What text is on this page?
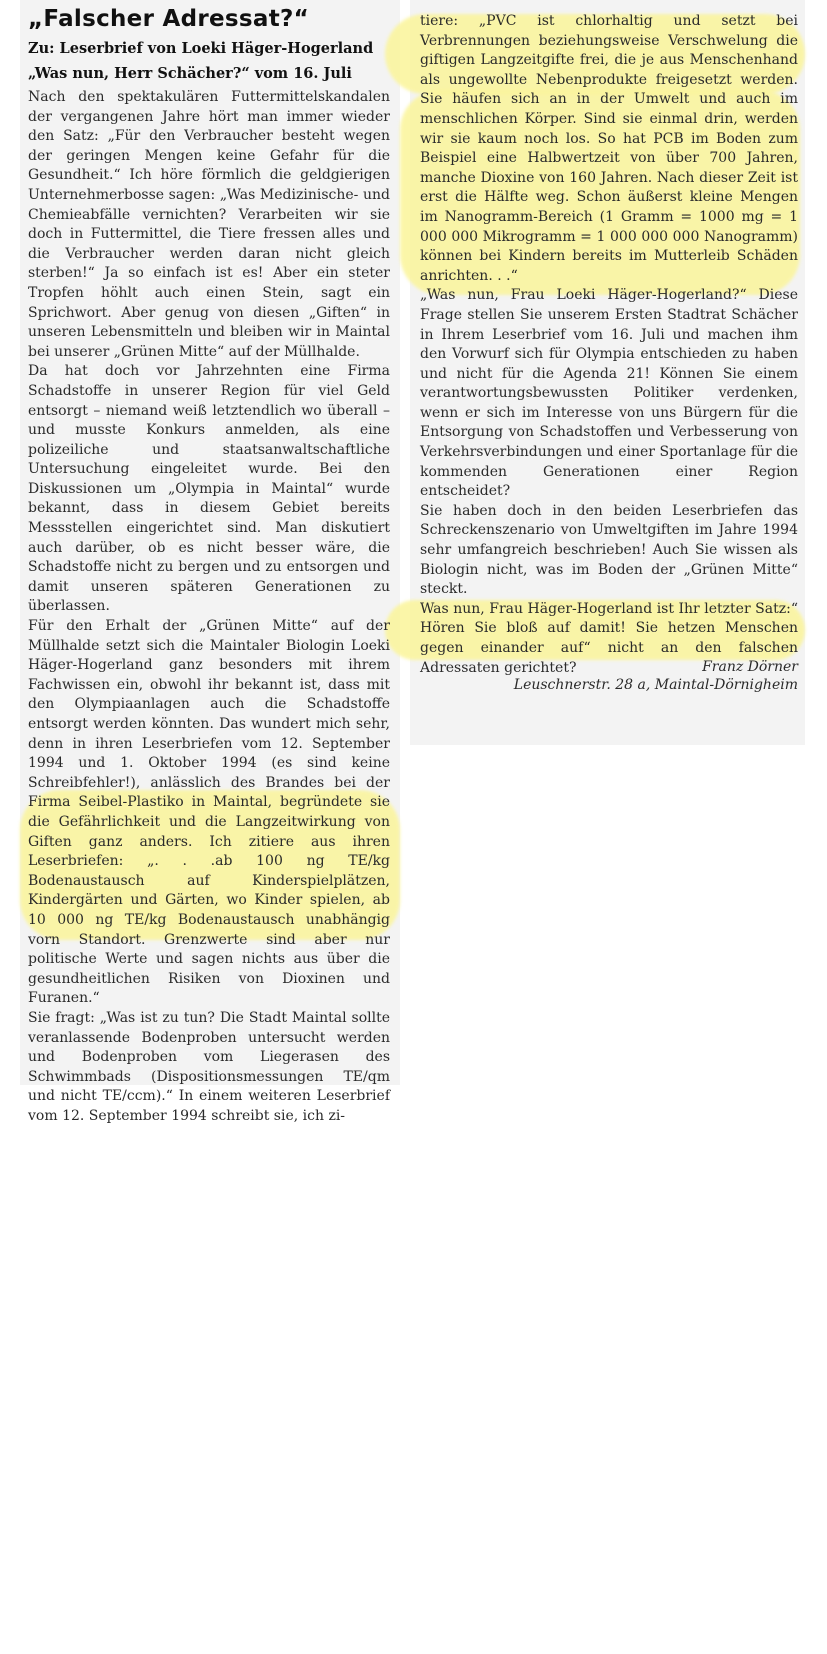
„Falscher Adressat?“
Zu: Leserbrief von Loeki Häger-Hogerland
„Was nun, Herr Schächer?“ vom 16. Juli

Nach den spektakulären Futtermittelskandalen der vergangenen Jahre hört man immer wieder den Satz: „Für den Verbraucher besteht wegen der geringen Mengen keine Gefahr für die Gesundheit.“ Ich höre förmlich die geldgierigen Unternehmerbosse sagen: „Was Medizinische- und Chemieabfälle vernichten? Verarbeiten wir sie doch in Futtermittel, die Tiere fressen alles und die Verbraucher werden daran nicht gleich sterben!“ Ja so einfach ist es! Aber ein steter Tropfen höhlt auch einen Stein, sagt ein Sprichwort. Aber genug von diesen „Giften“ in unseren Lebensmitteln und bleiben wir in Maintal bei unserer „Grünen Mitte“ auf der Müllhalde.

Da hat doch vor Jahrzehnten eine Firma Schadstoffe in unserer Region für viel Geld entsorgt – niemand weiß letztendlich wo überall – und musste Konkurs anmelden, als eine polizeiliche und staatsanwaltschaftliche Untersuchung eingeleitet wurde. Bei den Diskussionen um „Olympia in Maintal“ wurde bekannt, dass in diesem Gebiet bereits Messstellen eingerichtet sind. Man diskutiert auch darüber, ob es nicht besser wäre, die Schadstoffe nicht zu bergen und zu entsorgen und damit unseren späteren Generationen zu überlassen.

Für den Erhalt der „Grünen Mitte“ auf der Müllhalde setzt sich die Maintaler Biologin Loeki Häger-Hogerland ganz besonders mit ihrem Fachwissen ein, obwohl ihr bekannt ist, dass mit den Olympiaanlagen auch die Schadstoffe entsorgt werden könnten. Das wundert mich sehr, denn in ihren Leserbriefen vom 12. September 1994 und 1. Oktober 1994 (es sind keine Schreibfehler!), anlässlich des Brandes bei der Firma Seibel-Plastiko in Maintal, begründete sie die Gefährlichkeit und die Langzeitwirkung von Giften ganz anders. Ich zitiere aus ihren Leserbriefen: „. . .ab 100 ng TE/kg Bodenaustausch auf Kinderspielplätzen, Kindergärten und Gärten, wo Kinder spielen, ab 10 000 ng TE/kg Bodenaustausch unabhängig vorn Standort. Grenzwerte sind aber nur politische Werte und sagen nichts aus über die gesundheitlichen Risiken von Dioxinen und Furanen.“

Sie fragt: „Was ist zu tun? Die Stadt Maintal sollte veranlassende Bodenproben untersucht werden und Bodenproben vom Liegerasen des Schwimmbads (Dispositionsmessungen TE/qm und nicht TE/ccm).“ In einem weiteren Leserbrief vom 12. September 1994 schreibt sie, ich zi-

tiere: „PVC ist chlorhaltig und setzt bei Verbrennungen beziehungsweise Verschwelung die giftigen Langzeitgifte frei, die je aus Menschenhand als ungewollte Nebenprodukte freigesetzt werden. Sie häufen sich an in der Umwelt und auch im menschlichen Körper. Sind sie einmal drin, werden wir sie kaum noch los. So hat PCB im Boden zum Beispiel eine Halbwertzeit von über 700 Jahren, manche Dioxine von 160 Jahren. Nach dieser Zeit ist erst die Hälfte weg. Schon äußerst kleine Mengen im Nanogramm-Bereich (1 Gramm = 1000 mg = 1 000 000 Mikrogramm = 1 000 000 000 Nanogramm) können bei Kindern bereits im Mutterleib Schäden anrichten. . .“

„Was nun, Frau Loeki Häger-Hogerland?“ Diese Frage stellen Sie unserem Ersten Stadtrat Schächer in Ihrem Leserbrief vom 16. Juli und machen ihm den Vorwurf sich für Olympia entschieden zu haben und nicht für die Agenda 21! Können Sie einem verantwortungsbewussten Politiker verdenken, wenn er sich im Interesse von uns Bürgern für die Entsorgung von Schadstoffen und Verbesserung von Verkehrsverbindungen und einer Sportanlage für die kommenden Generationen einer Region entscheidet?

Sie haben doch in den beiden Leserbriefen das Schreckenszenario von Umweltgiften im Jahre 1994 sehr umfangreich beschrieben! Auch Sie wissen als Biologin nicht, was im Boden der „Grünen Mitte“ steckt.

Was nun, Frau Häger-Hogerland ist Ihr letzter Satz:“ Hören Sie bloß auf damit! Sie hetzen Menschen gegen einander auf“ nicht an den falschen Adressaten gerichtet?	Franz Dörner

Leuschnerstr. 28 a, Maintal-Dörnigheim
